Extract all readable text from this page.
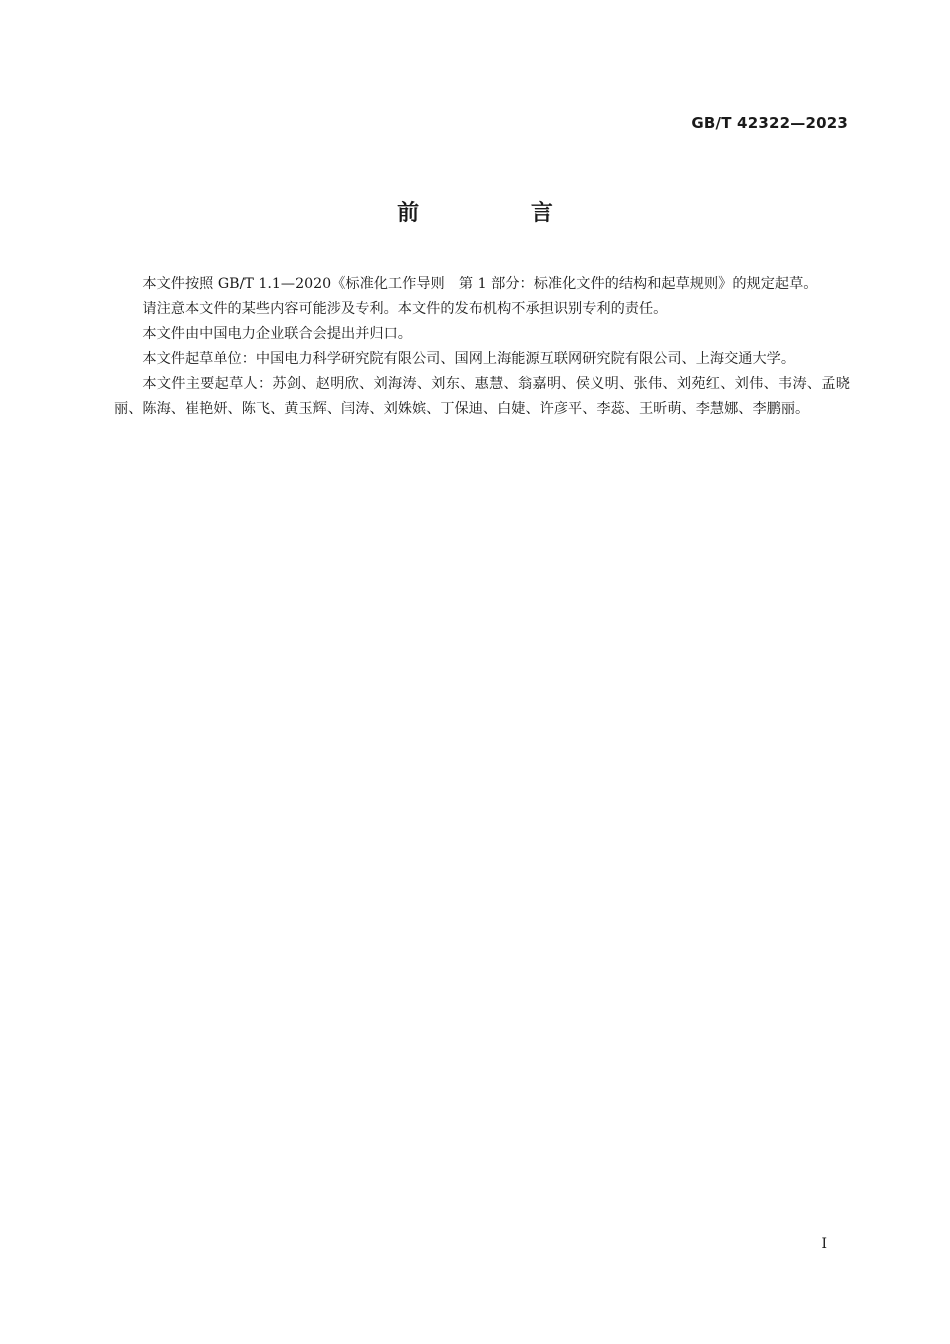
GB/T 42322—2023
前 言

本文件按照 GB/T 1.1—2020《标准化工作导则　第 1 部分：标准化文件的结构和起草规则》的规定起草。

请注意本文件的某些内容可能涉及专利。本文件的发布机构不承担识别专利的责任。

本文件由中国电力企业联合会提出并归口。

本文件起草单位：中国电力科学研究院有限公司、国网上海能源互联网研究院有限公司、上海交通大学。

本文件主要起草人：苏剑、赵明欣、刘海涛、刘东、惠慧、翁嘉明、侯义明、张伟、刘苑红、刘伟、韦涛、孟晓丽、陈海、崔艳妍、陈飞、黄玉辉、闫涛、刘姝嫔、丁保迪、白婕、许彦平、李蕊、王昕萌、李慧娜、李鹏丽。

I
